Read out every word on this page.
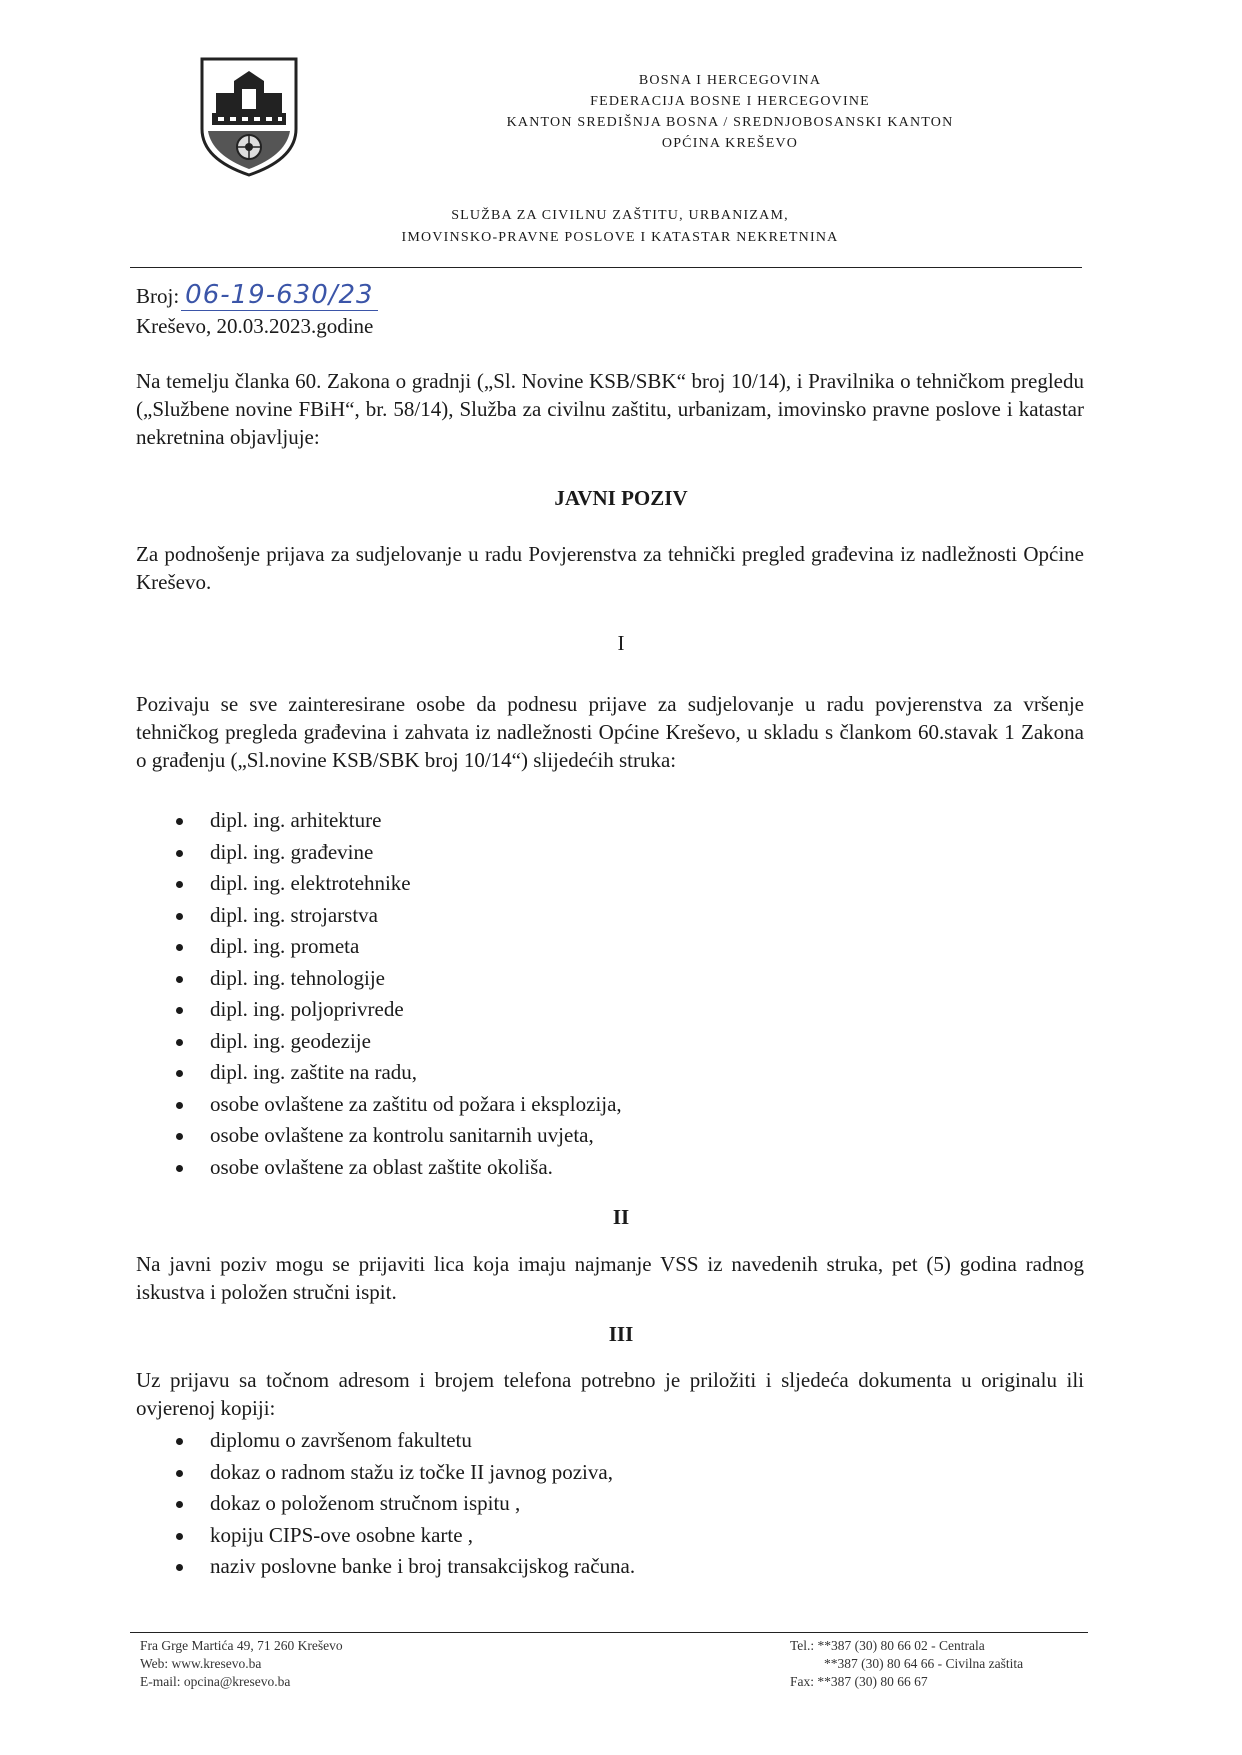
BOSNA I HERCEGOVINA
FEDERACIJA BOSNE I HERCEGOVINE
KANTON SREDIŠNJA BOSNA / SREDNJOBOSANSKI KANTON
OPĆINA KREŠEVO
SLUŽBA ZA CIVILNU ZAŠTITU, URBANIZAM,
IMOVINSKO-PRAVNE POSLOVE I KATASTAR NEKRETNINA
Broj: 06-19-630/23
Kreševo, 20.03.2023.godine
Na temelju članka 60. Zakona o gradnji („Sl. Novine KSB/SBK“ broj 10/14), i Pravilnika o tehničkom pregledu („Službene novine FBiH“, br. 58/14), Služba za civilnu zaštitu, urbanizam, imovinsko pravne poslove i katastar nekretnina objavljuje:
JAVNI POZIV
Za podnošenje prijava za sudjelovanje u radu Povjerenstva za tehnički pregled građevina iz nadležnosti Općine Kreševo.
I
Pozivaju se sve zainteresirane osobe da podnesu prijave za sudjelovanje u radu povjerenstva za vršenje tehničkog pregleda građevina i zahvata iz nadležnosti Općine Kreševo, u skladu s člankom 60.stavak 1 Zakona o građenju („Sl.novine KSB/SBK broj 10/14“) slijedećih struka:
dipl. ing. arhitekture
dipl. ing. građevine
dipl. ing. elektrotehnike
dipl. ing. strojarstva
dipl. ing. prometa
dipl. ing. tehnologije
dipl. ing. poljoprivrede
dipl. ing. geodezije
dipl. ing. zaštite na radu,
osobe ovlaštene za zaštitu od požara i eksplozija,
osobe ovlaštene za kontrolu sanitarnih uvjeta,
osobe ovlaštene za oblast zaštite okoliša.
II
Na javni poziv mogu se prijaviti lica koja imaju najmanje VSS iz navedenih struka, pet (5) godina radnog iskustva i položen stručni ispit.
III
Uz prijavu sa točnom adresom i brojem telefona potrebno je priložiti i sljedeća dokumenta u originalu ili ovjerenoj kopiji:
diplomu o završenom fakultetu
dokaz o radnom stažu iz točke II javnog poziva,
dokaz o položenom stručnom ispitu ,
kopiju CIPS-ove osobne karte ,
naziv poslovne banke i broj transakcijskog računa.
Fra Grge Martića 49, 71 260 Kreševo
Web: www.kresevo.ba
E-mail: opcina@kresevo.ba
Tel.: **387 (30) 80 66 02 - Centrala
**387 (30) 80 64 66 - Civilna zaštita
Fax: **387 (30) 80 66 67
